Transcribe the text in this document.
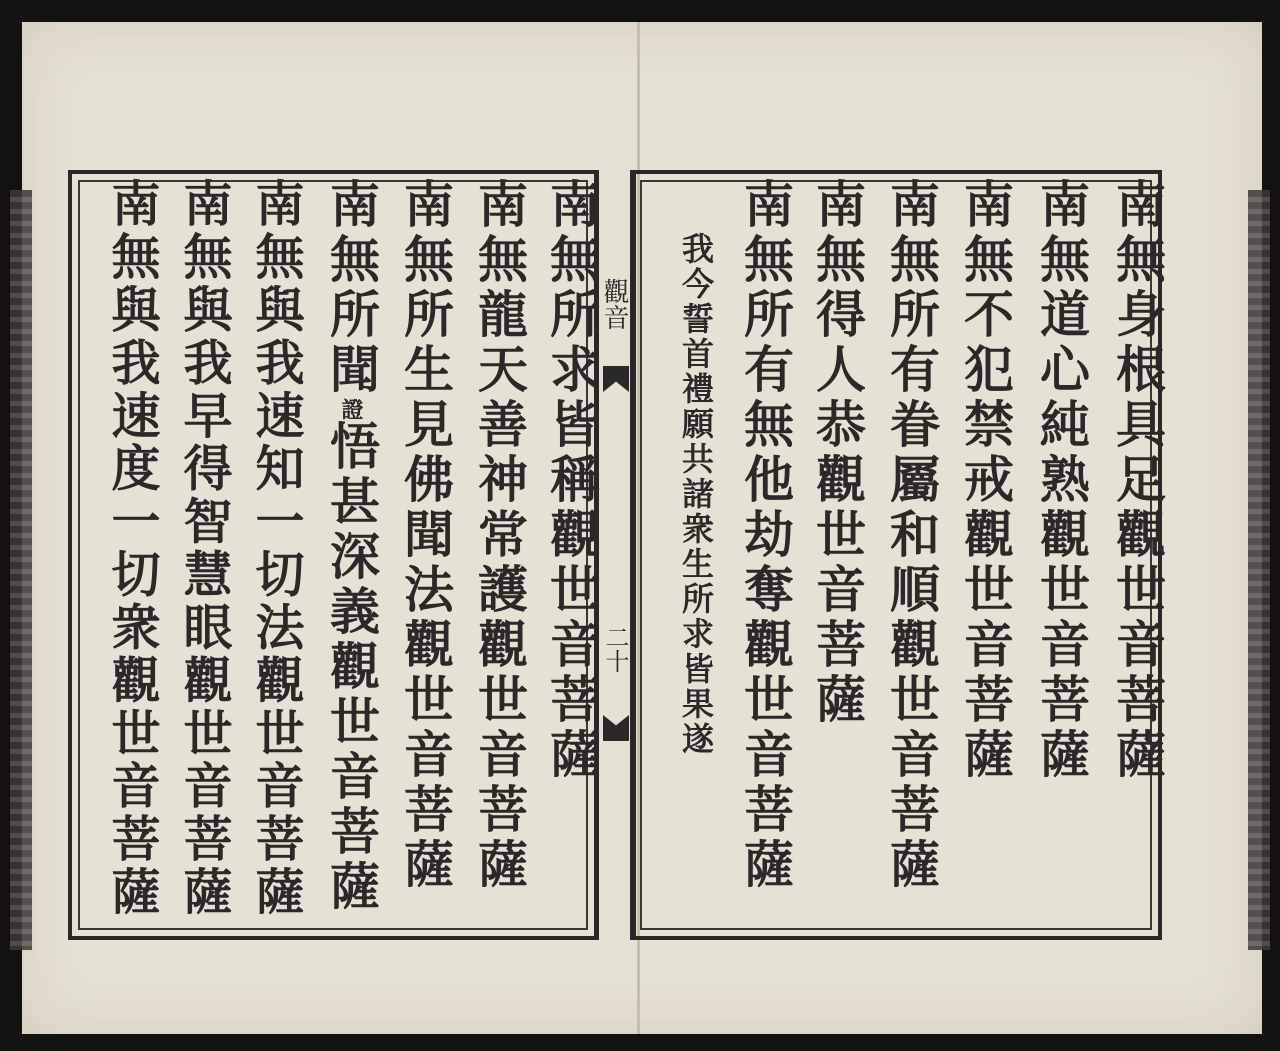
觀音
二十	南無身根具足觀世音菩薩
南無道心純熟觀世音菩薩
南無不犯禁戒觀世音菩薩
南無所有眷屬和順觀世音菩薩
南無得人恭觀世音菩薩
南無所有無他劫奪觀世音菩薩
我今誓首禮願共諸衆生所求皆果遂
南無所求皆稱觀世音菩薩
南無龍天善神常護觀世音菩薩
南無所生見佛聞法觀世音菩薩
南無所聞證悟甚深義觀世音菩薩
南無與我速知一切法觀世音菩薩
南無與我早得智慧眼觀世音菩薩
南無與我速度一切衆觀世音菩薩
